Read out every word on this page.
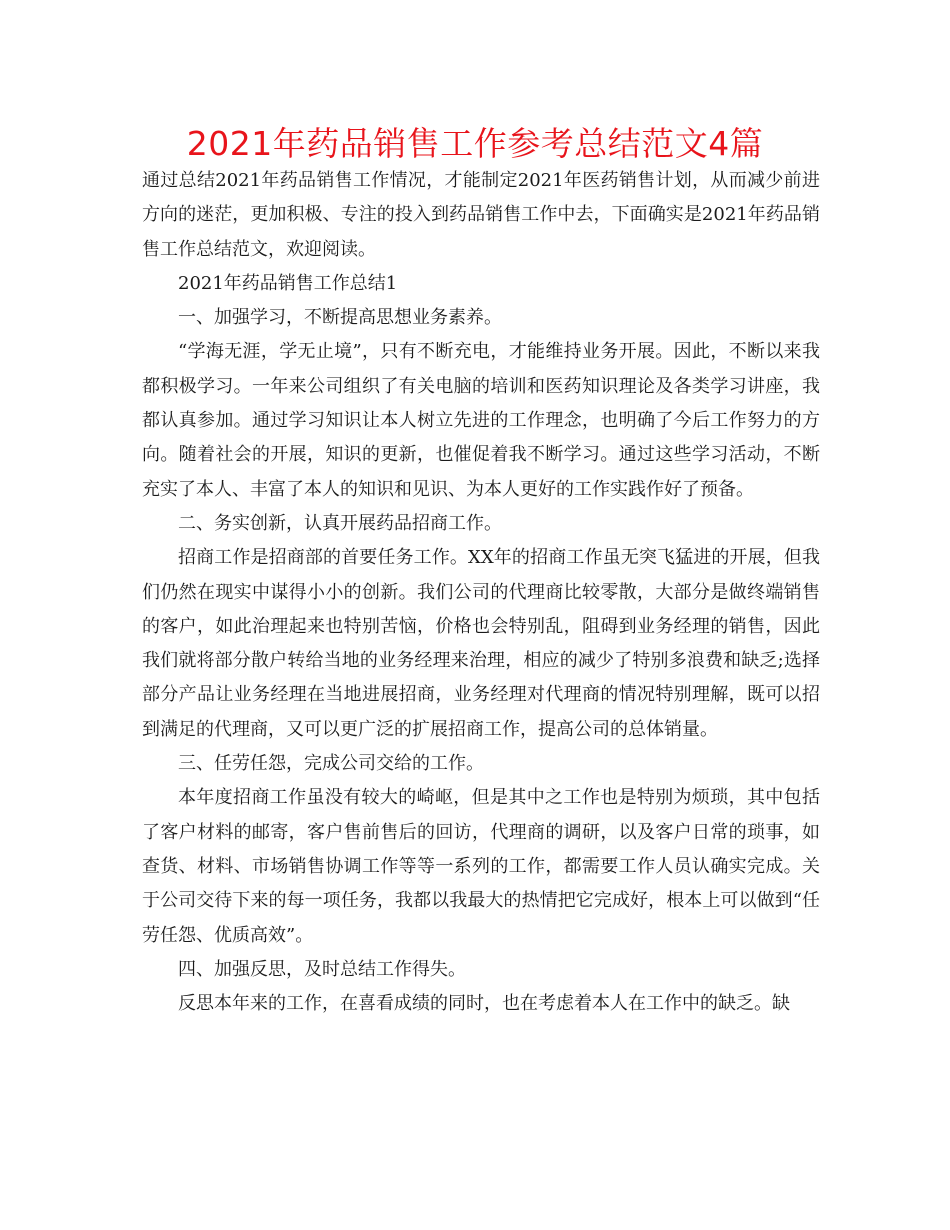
2021年药品销售工作参考总结范文4篇

通过总结2021年药品销售工作情况，才能制定2021年医药销售计划，从而减少前进方向的迷茫，更加积极、专注的投入到药品销售工作中去，下面确实是2021年药品销售工作总结范文，欢迎阅读。

2021年药品销售工作总结1

一、加强学习，不断提高思想业务素养。

“学海无涯，学无止境”，只有不断充电，才能维持业务开展。因此，不断以来我都积极学习。一年来公司组织了有关电脑的培训和医药知识理论及各类学习讲座，我都认真参加。通过学习知识让本人树立先进的工作理念，也明确了今后工作努力的方向。随着社会的开展，知识的更新，也催促着我不断学习。通过这些学习活动，不断充实了本人、丰富了本人的知识和见识、为本人更好的工作实践作好了预备。

二、务实创新，认真开展药品招商工作。

招商工作是招商部的首要任务工作。XX年的招商工作虽无突飞猛进的开展，但我们仍然在现实中谋得小小的创新。我们公司的代理商比较零散，大部分是做终端销售的客户，如此治理起来也特别苦恼，价格也会特别乱，阻碍到业务经理的销售，因此我们就将部分散户转给当地的业务经理来治理，相应的减少了特别多浪费和缺乏;选择部分产品让业务经理在当地进展招商，业务经理对代理商的情况特别理解，既可以招到满足的代理商，又可以更广泛的扩展招商工作，提高公司的总体销量。

三、任劳任怨，完成公司交给的工作。

本年度招商工作虽没有较大的崎岖，但是其中之工作也是特别为烦琐，其中包括了客户材料的邮寄，客户售前售后的回访，代理商的调研，以及客户日常的琐事，如查货、材料、市场销售协调工作等等一系列的工作，都需要工作人员认确实完成。关于公司交待下来的每一项任务，我都以我最大的热情把它完成好，根本上可以做到“任劳任怨、优质高效”。

四、加强反思，及时总结工作得失。

反思本年来的工作，在喜看成绩的同时，也在考虑着本人在工作中的缺乏。缺
